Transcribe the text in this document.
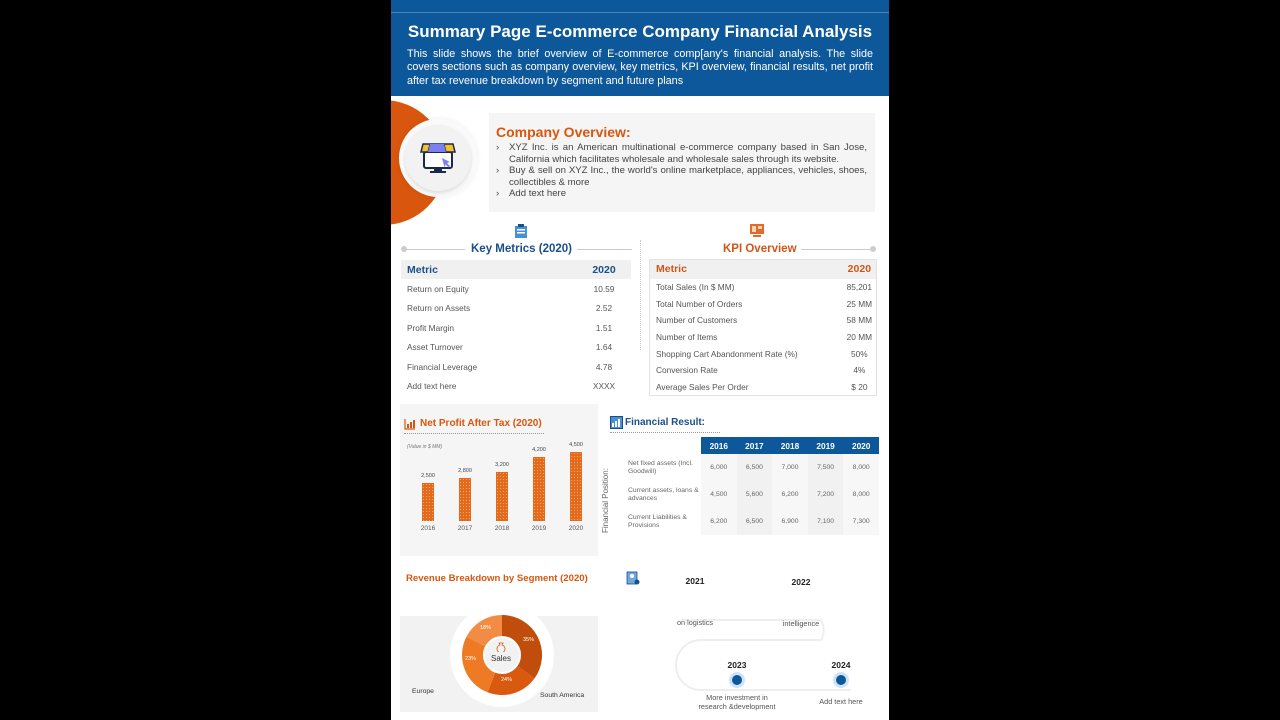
Summary Page E-commerce Company Financial Analysis
This slide shows the brief overview of E-commerce comp[any's financial analysis. The slide covers sections such as company overview, key metrics, KPI overview, financial results, net profit after tax revenue breakdown by segment and future plans
Company Overview:
› XYZ Inc. is an American multinational e-commerce company based in San Jose, California which facilitates wholesale and wholesale sales through its website.
› Buy & sell on XYZ Inc., the world's online marketplace, appliances, vehicles, shoes, collectibles & more
› Add text here
Key Metrics (2020)
Metric	2020
Return on Equity	10.59
Return on Assets	2.52
Profit Margin	1.51
Asset Turnover	1.64
Financial Leverage	4.78
Add text here	XXXX
KPI Overview
Metric	2020
Total Sales (In $ MM)	85,201
Total Number of Orders	25 MM
Number of Customers	58 MM
Number of Items	20 MM
Shopping Cart Abandonment Rate (%)	50%
Conversion Rate	4%
Average Sales Per Order	$ 20
Net Profit After Tax (2020)
(Value in $ MM)
2,500
2016
2,800
2017
3,200
2018
4,200
2019
4,500
2020
Financial Result:
Financial Position:
	2016	2017	2018	2019	2020
Net fixed assets (Incl. Goodwill)	6,000	6,500	7,000	7,500	8,000
Current assets, loans & advances	4,500	5,600	6,200	7,200	8,000
Current Liabilities & Provisions	6,200	6,500	6,900	7,100	7,300
Revenue Breakdown by Segment (2020)
18%
35%
24%
23%	Sales
Europe
South America
2021
on logistics
2022
intelligence
2023
More investment in research &development
2024
Add text here
